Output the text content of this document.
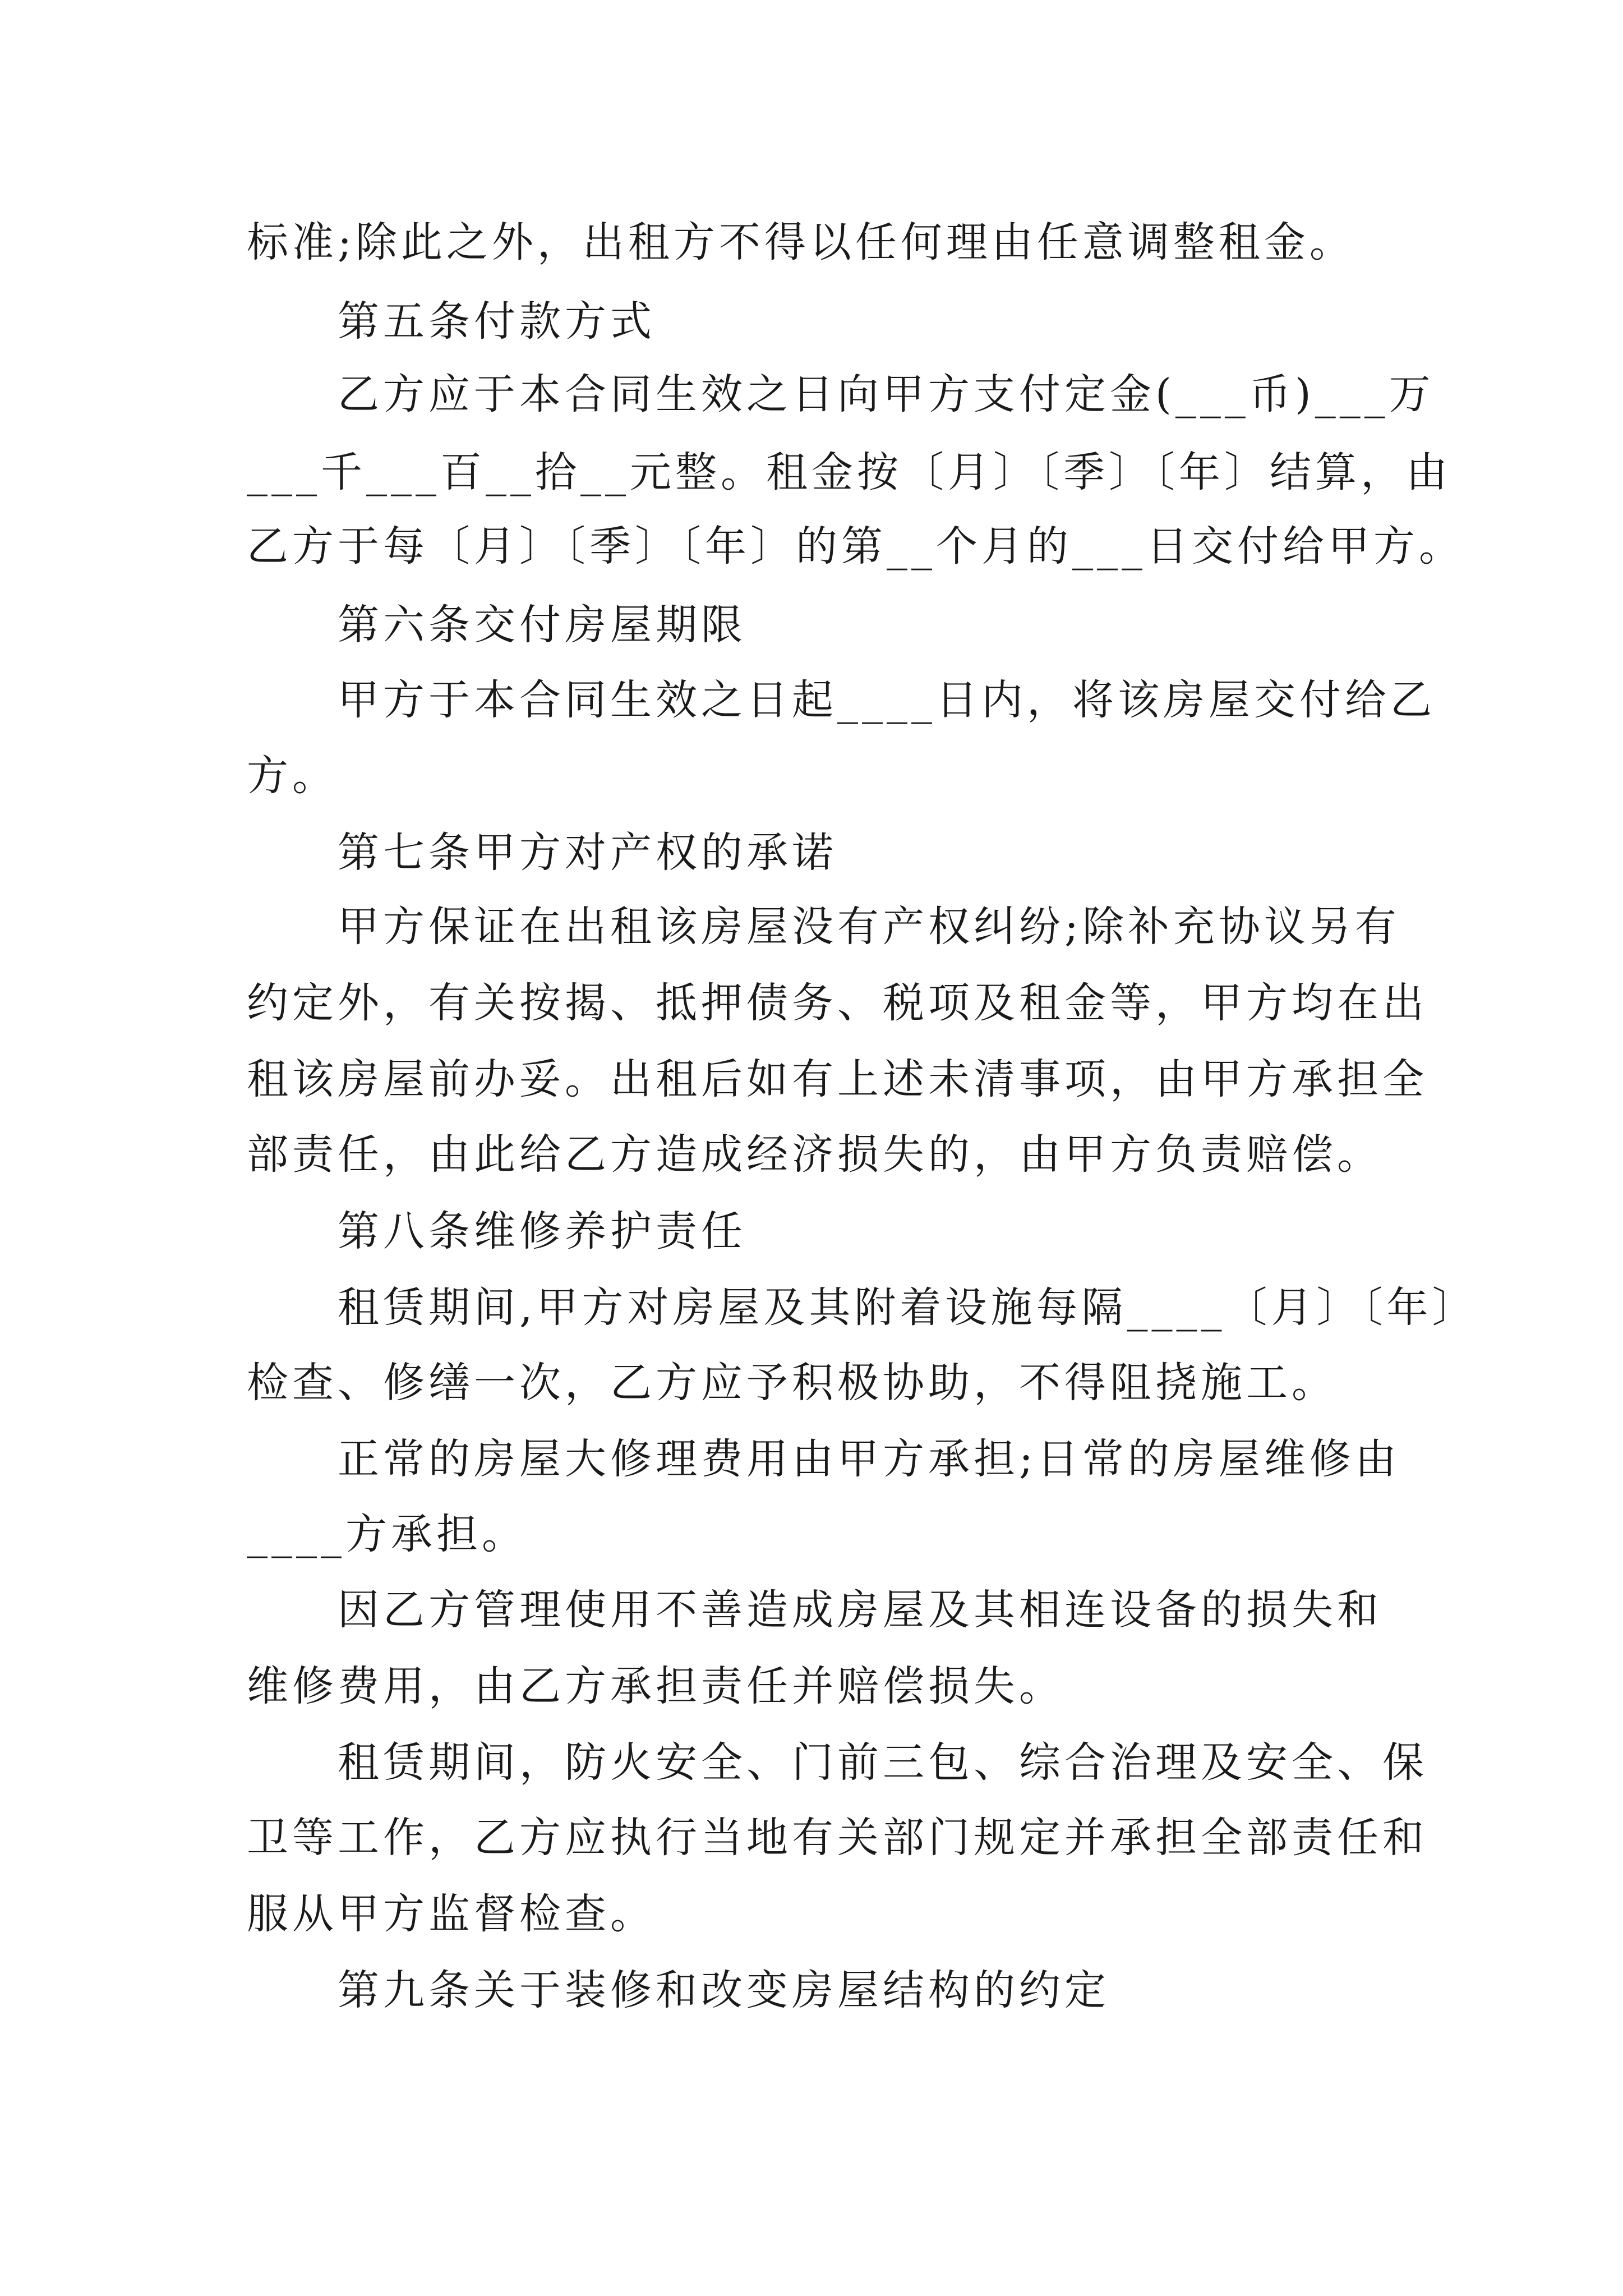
标准;除此之外，出租方不得以任何理由任意调整租金。
第五条付款方式
乙方应于本合同生效之日向甲方支付定金(___币)___万
___千___百__拾__元整。租金按〔月〕〔季〕〔年〕结算，由
乙方于每〔月〕〔季〕〔年〕的第__个月的___日交付给甲方。
第六条交付房屋期限
甲方于本合同生效之日起____日内，将该房屋交付给乙
方。
第七条甲方对产权的承诺
甲方保证在出租该房屋没有产权纠纷;除补充协议另有
约定外，有关按揭、抵押债务、税项及租金等，甲方均在出
租该房屋前办妥。出租后如有上述未清事项，由甲方承担全
部责任，由此给乙方造成经济损失的，由甲方负责赔偿。
第八条维修养护责任
租赁期间,甲方对房屋及其附着设施每隔____〔月〕〔年〕
检查、修缮一次，乙方应予积极协助，不得阻挠施工。
正常的房屋大修理费用由甲方承担;日常的房屋维修由
____方承担。
因乙方管理使用不善造成房屋及其相连设备的损失和
维修费用，由乙方承担责任并赔偿损失。
租赁期间，防火安全、门前三包、综合治理及安全、保
卫等工作，乙方应执行当地有关部门规定并承担全部责任和
服从甲方监督检查。
第九条关于装修和改变房屋结构的约定
